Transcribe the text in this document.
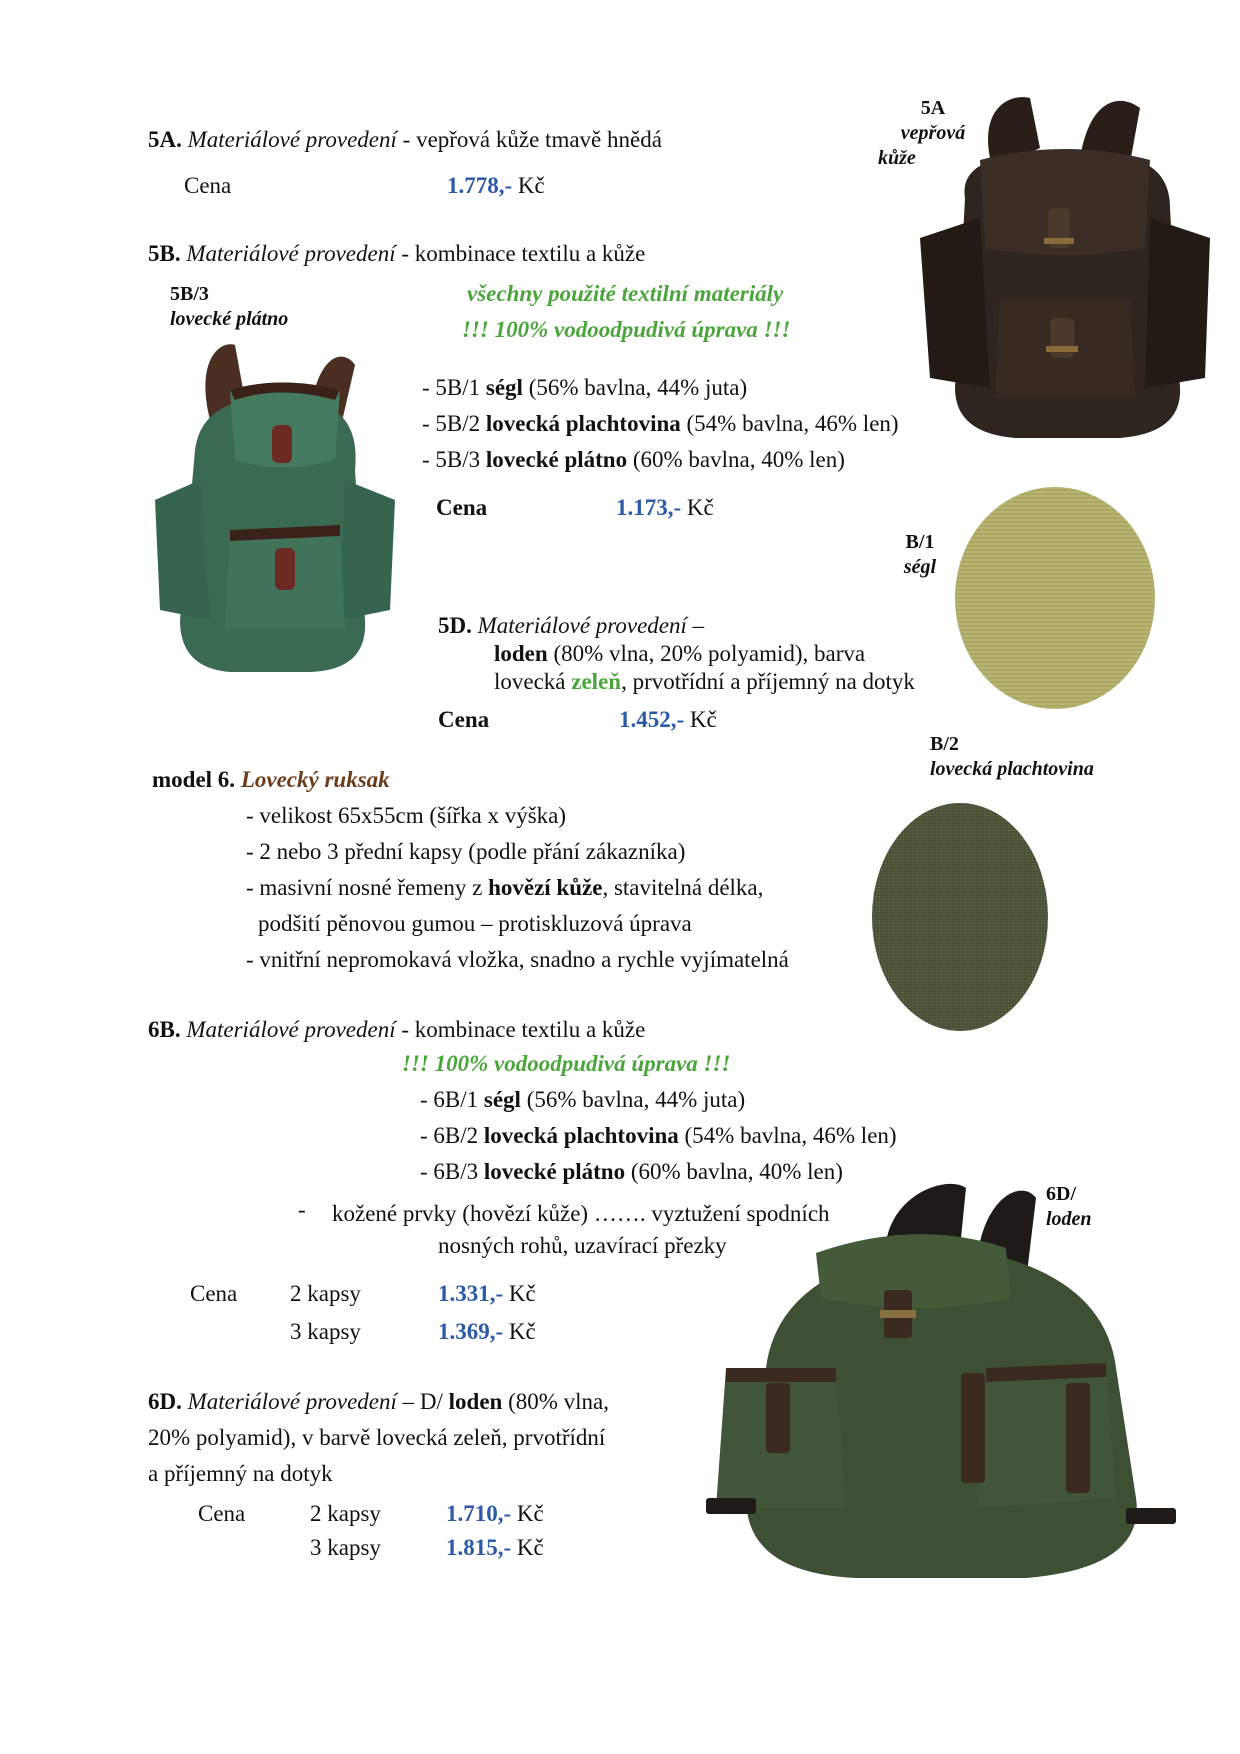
5A. Materiálové provedení - vepřová kůže tmavě hnědá
Cena	1.778,- Kč
5A
vepřová
kůže
5B. Materiálové provedení - kombinace textilu a kůže
5B/3
lovecké plátno
všechny použité textilní materiály
!!! 100% vodoodpudivá úprava !!!
- 5B/1 ségl (56% bavlna, 44% juta)
- 5B/2 lovecká plachtovina (54% bavlna, 46% len)
- 5B/3 lovecké plátno (60% bavlna, 40% len)
Cena	1.173,- Kč
B/1
ségl
5D. Materiálové provedení –
loden (80% vlna, 20% polyamid), barva
lovecká zeleň, prvotřídní a příjemný na dotyk
Cena	1.452,- Kč
B/2
lovecká plachtovina
model 6. Lovecký ruksak
- velikost 65x55cm (šířka x výška)
- 2 nebo 3 přední kapsy (podle přání zákazníka)
- masivní nosné řemeny z hovězí kůže, stavitelná délka,
podšití pěnovou gumou – protiskluzová úprava
- vnitřní nepromokavá vložka, snadno a rychle vyjímatelná
6B. Materiálové provedení - kombinace textilu a kůže
!!! 100% vodoodpudivá úprava !!!
- 6B/1 ségl (56% bavlna, 44% juta)
- 6B/2 lovecká plachtovina (54% bavlna, 46% len)
- 6B/3 lovecké plátno (60% bavlna, 40% len)
- kožené prvky (hovězí kůže) ……. vyztužení spodních
nosných rohů, uzavírací přezky
Cena 2 kapsy	1.331,- Kč
3 kapsy	1.369,- Kč
6D. Materiálové provedení – D/ loden (80% vlna,
20% polyamid), v barvě lovecká zeleň, prvotřídní
a příjemný na dotyk
Cena	2 kapsy	1.710,- Kč
3 kapsy	1.815,- Kč
6D/
loden
